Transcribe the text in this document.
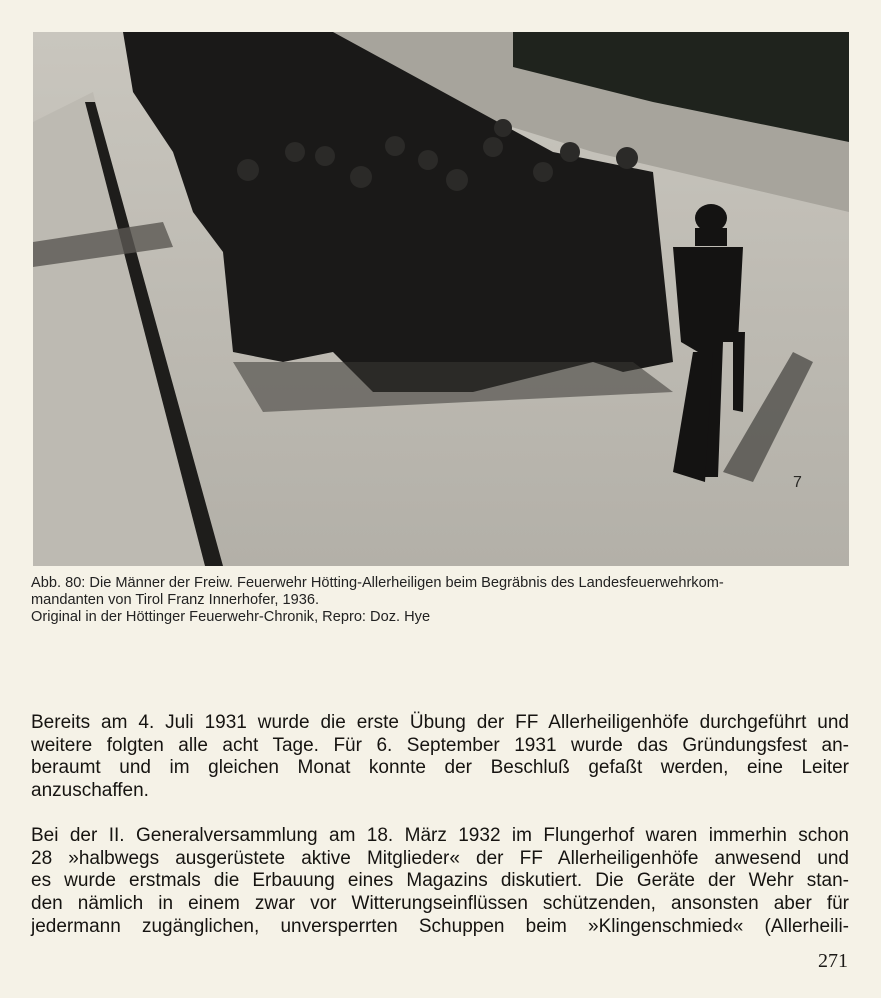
7
Abb. 80: Die Männer der Freiw. Feuerwehr Hötting-Allerheiligen beim Begräbnis des Landesfeuerwehrkom-
mandanten von Tirol Franz Innerhofer, 1936.
Original in der Höttinger Feuerwehr-Chronik, Repro: Doz. Hye
Bereits am 4. Juli 1931 wurde die erste Übung der FF Allerheiligenhöfe durchgeführt und
weitere folgten alle acht Tage. Für 6. September 1931 wurde das Gründungsfest an-
beraumt und im gleichen Monat konnte der Beschluß gefaßt werden, eine Leiter
anzuschaffen.
Bei der II. Generalversammlung am 18. März 1932 im Flungerhof waren immerhin schon
28 »halbwegs ausgerüstete aktive Mitglieder« der FF Allerheiligenhöfe anwesend und
es wurde erstmals die Erbauung eines Magazins diskutiert. Die Geräte der Wehr stan-
den nämlich in einem zwar vor Witterungseinflüssen schützenden, ansonsten aber für
jedermann zugänglichen, unversperrten Schuppen beim »Klingenschmied« (Allerheili-
271
